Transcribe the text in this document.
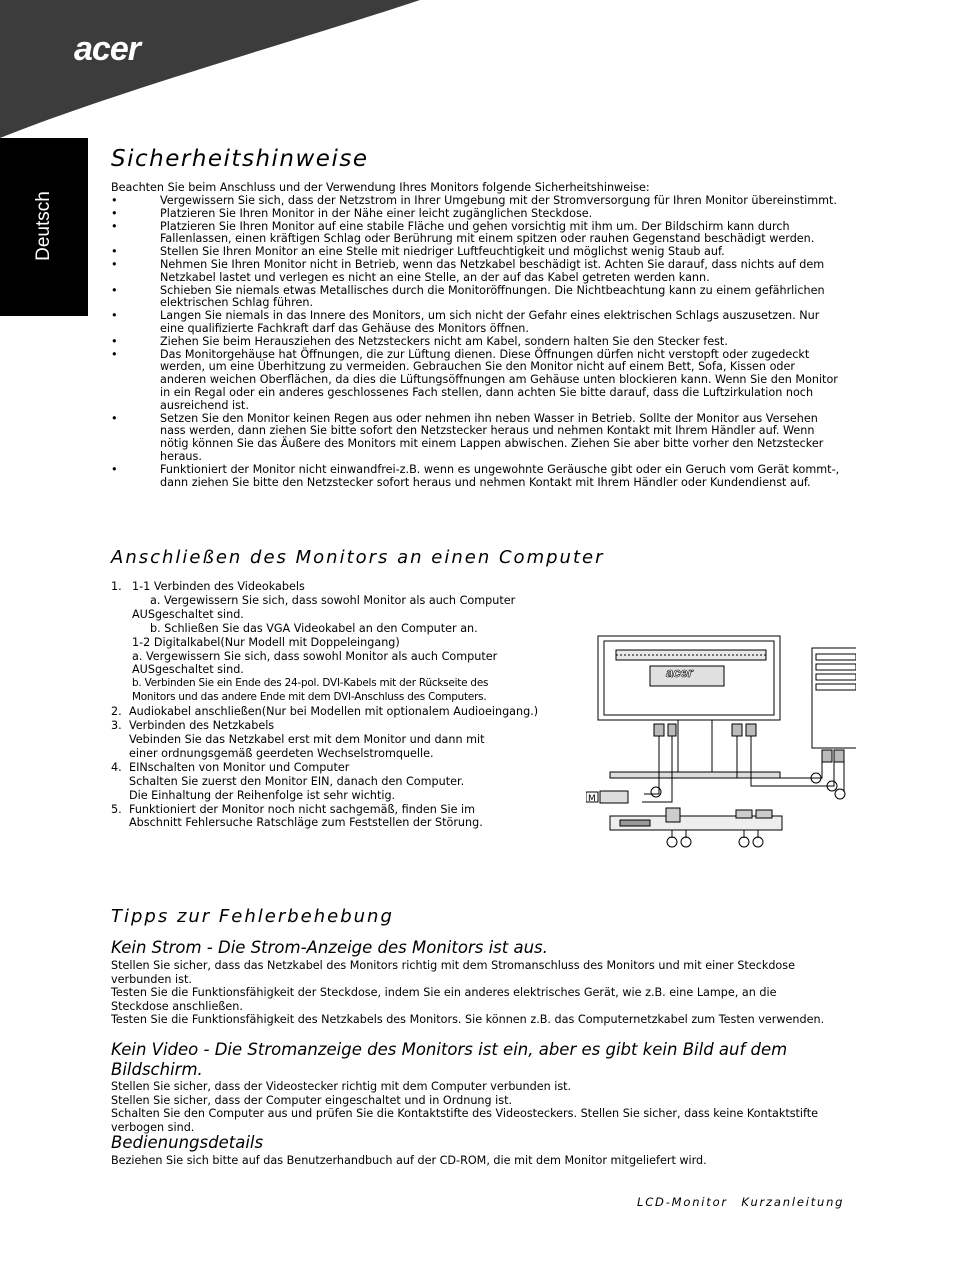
acer
Deutsch
Sicherheitshinweise

Beachten Sie beim Anschluss und der Verwendung Ihres Monitors folgende Sicherheitshinweise:

• Vergewissern Sie sich, dass der Netzstrom in Ihrer Umgebung mit der Stromversorgung für Ihren Monitor übereinstimmt.
• Platzieren Sie Ihren Monitor in der Nähe einer leicht zugänglichen Steckdose.
• Platzieren Sie Ihren Monitor auf eine stabile Fläche und gehen vorsichtig mit ihm um. Der Bildschirm kann durch Fallenlassen, einen kräftigen Schlag oder Berührung mit einem spitzen oder rauhen Gegenstand beschädigt werden.
• Stellen Sie Ihren Monitor an eine Stelle mit niedriger Luftfeuchtigkeit und möglichst wenig Staub auf.
• Nehmen Sie Ihren Monitor nicht in Betrieb, wenn das Netzkabel beschädigt ist. Achten Sie darauf, dass nichts auf dem Netzkabel lastet und verlegen es nicht an eine Stelle, an der auf das Kabel getreten werden kann.
• Schieben Sie niemals etwas Metallisches durch die Monitoröffnungen. Die Nichtbeachtung kann zu einem gefährlichen elektrischen Schlag führen.
• Langen Sie niemals in das Innere des Monitors, um sich nicht der Gefahr eines elektrischen Schlags auszusetzen. Nur eine qualifizierte Fachkraft darf das Gehäuse des Monitors öffnen.
• Ziehen Sie beim Herausziehen des Netzsteckers nicht am Kabel, sondern halten Sie den Stecker fest.
• Das Monitorgehäuse hat Öffnungen, die zur Lüftung dienen. Diese Öffnungen dürfen nicht verstopft oder zugedeckt werden, um eine Überhitzung zu vermeiden. Gebrauchen Sie den Monitor nicht auf einem Bett, Sofa, Kissen oder anderen weichen Oberflächen, da dies die Lüftungsöffnungen am Gehäuse unten blockieren kann. Wenn Sie den Monitor in ein Regal oder ein anderes geschlossenes Fach stellen, dann achten Sie bitte darauf, dass die Luftzirkulation noch ausreichend ist.
• Setzen Sie den Monitor keinen Regen aus oder nehmen ihn neben Wasser in Betrieb. Sollte der Monitor aus Versehen nass werden, dann ziehen Sie bitte sofort den Netzstecker heraus und nehmen Kontakt mit Ihrem Händler auf. Wenn nötig können Sie das Äußere des Monitors mit einem Lappen abwischen. Ziehen Sie aber bitte vorher den Netzstecker heraus.
• Funktioniert der Monitor nicht einwandfrei-z.B. wenn es ungewohnte Geräusche gibt oder ein Geruch vom Gerät kommt-, dann ziehen Sie bitte den Netzstecker sofort heraus und nehmen Kontakt mit Ihrem Händler oder Kundendienst auf.
Anschließen des Monitors an einen Computer
1. 1-1 Verbinden des Videokabels
a. Vergewissern Sie sich, dass sowohl Monitor als auch Computer
AUSgeschaltet sind.
b. Schließen Sie das VGA Videokabel an den Computer an.
1-2 Digitalkabel(Nur Modell mit Doppeleingang)
a. Vergewissern Sie sich, dass sowohl Monitor als auch Computer
AUSgeschaltet sind.
b. Verbinden Sie ein Ende des 24-pol. DVI-Kabels mit der Rückseite des
Monitors und das andere Ende mit dem DVI-Anschluss des Computers.
2. Audiokabel anschließen(Nur bei Modellen mit optionalem Audioeingang.)
3. Verbinden des Netzkabels
Vebinden Sie das Netzkabel erst mit dem Monitor und dann mit
einer ordnungsgemäß geerdeten Wechselstromquelle.
4. EINschalten von Monitor und Computer
Schalten Sie zuerst den Monitor EIN, danach den Computer.
Die Einhaltung der Reihenfolge ist sehr wichtig.
5. Funktioniert der Monitor noch nicht sachgemäß, finden Sie im
Abschnitt Fehlersuche Ratschläge zum Feststellen der Störung.
acer
M
Tipps zur Fehlerbehebung
Kein Strom - Die Strom-Anzeige des Monitors ist aus.
Stellen Sie sicher, dass das Netzkabel des Monitors richtig mit dem Stromanschluss des Monitors und mit einer Steckdose verbunden ist.
Testen Sie die Funktionsfähigkeit der Steckdose, indem Sie ein anderes elektrisches Gerät, wie z.B. eine Lampe, an die Steckdose anschließen.
Testen Sie die Funktionsfähigkeit des Netzkabels des Monitors. Sie können z.B. das Computernetzkabel zum Testen verwenden.
Kein Video - Die Stromanzeige des Monitors ist ein, aber es gibt kein Bild auf dem Bildschirm.
Stellen Sie sicher, dass der Videostecker richtig mit dem Computer verbunden ist.
Stellen Sie sicher, dass der Computer eingeschaltet und in Ordnung ist.
Schalten Sie den Computer aus und prüfen Sie die Kontaktstifte des Videosteckers. Stellen Sie sicher, dass keine Kontaktstifte verbogen sind.
Bedienungsdetails
Beziehen Sie sich bitte auf das Benutzerhandbuch auf der CD-ROM, die mit dem Monitor mitgeliefert wird.
LCD-Monitor Kurzanleitung
